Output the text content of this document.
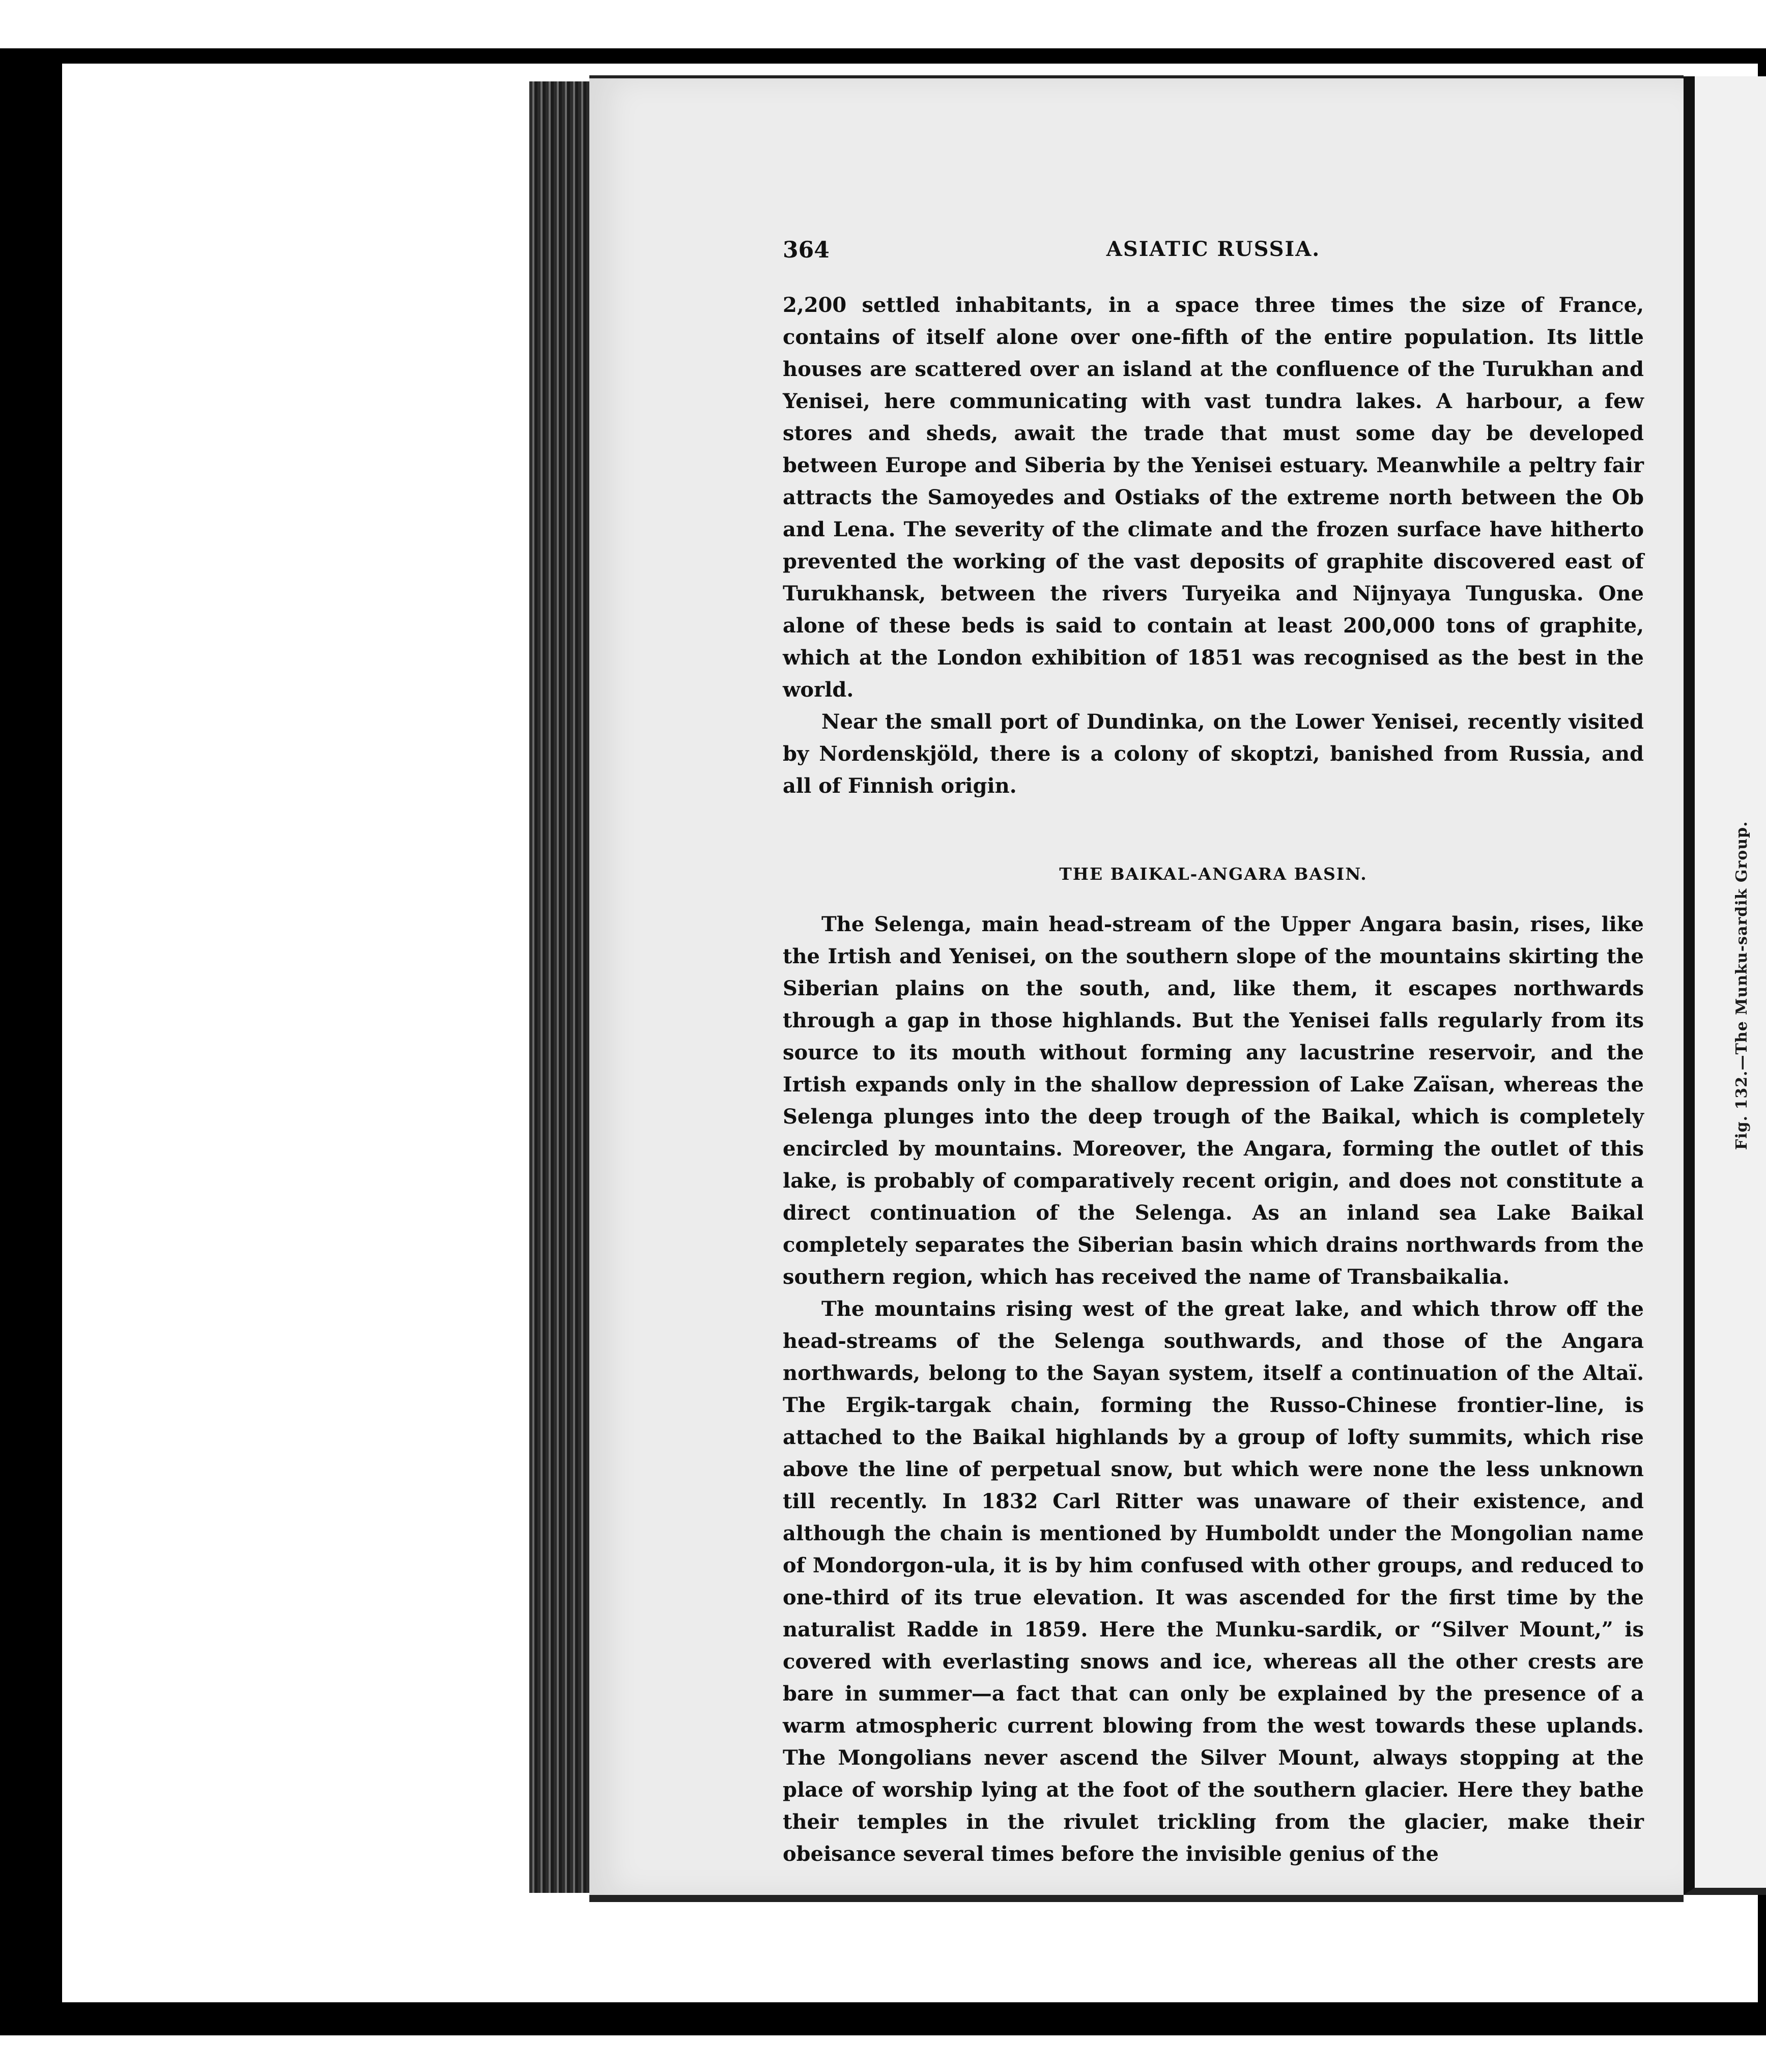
Fig. 132.—The Munku-sardik Group.
364	ASIATIC RUSSIA.

2,200 settled inhabitants, in a space three times the size of France, contains of itself alone over one-fifth of the entire population. Its little houses are scattered over an island at the confluence of the Turukhan and Yenisei, here communicating with vast tundra lakes. A harbour, a few stores and sheds, await the trade that must some day be developed between Europe and Siberia by the Yenisei estuary. Meanwhile a peltry fair attracts the Samoyedes and Ostiaks of the extreme north between the Ob and Lena. The severity of the climate and the frozen surface have hitherto prevented the working of the vast deposits of graphite discovered east of Turukhansk, between the rivers Turyeika and Nijnyaya Tunguska. One alone of these beds is said to contain at least 200,000 tons of graphite, which at the London exhibition of 1851 was recognised as the best in the world.

Near the small port of Dundinka, on the Lower Yenisei, recently visited by Nordenskjöld, there is a colony of skoptzi, banished from Russia, and all of Finnish origin.

THE BAIKAL-ANGARA BASIN.

The Selenga, main head-stream of the Upper Angara basin, rises, like the Irtish and Yenisei, on the southern slope of the mountains skirting the Siberian plains on the south, and, like them, it escapes northwards through a gap in those highlands. But the Yenisei falls regularly from its source to its mouth without forming any lacustrine reservoir, and the Irtish expands only in the shallow depression of Lake Zaïsan, whereas the Selenga plunges into the deep trough of the Baikal, which is completely encircled by mountains. Moreover, the Angara, forming the outlet of this lake, is probably of comparatively recent origin, and does not constitute a direct continuation of the Selenga. As an inland sea Lake Baikal completely separates the Siberian basin which drains northwards from the southern region, which has received the name of Transbaikalia.

The mountains rising west of the great lake, and which throw off the head-streams of the Selenga southwards, and those of the Angara northwards, belong to the Sayan system, itself a continuation of the Altaï. The Ergik-targak chain, forming the Russo-Chinese frontier-line, is attached to the Baikal highlands by a group of lofty summits, which rise above the line of perpetual snow, but which were none the less unknown till recently. In 1832 Carl Ritter was unaware of their existence, and although the chain is mentioned by Humboldt under the Mongolian name of Mondorgon-ula, it is by him confused with other groups, and reduced to one-third of its true elevation. It was ascended for the first time by the naturalist Radde in 1859. Here the Munku-sardik, or “Silver Mount,” is covered with everlasting snows and ice, whereas all the other crests are bare in summer—a fact that can only be explained by the presence of a warm atmospheric current blowing from the west towards these uplands. The Mongolians never ascend the Silver Mount, always stopping at the place of worship lying at the foot of the southern glacier. Here they bathe their temples in the rivulet trickling from the glacier, make their obeisance several times before the invisible genius of the
